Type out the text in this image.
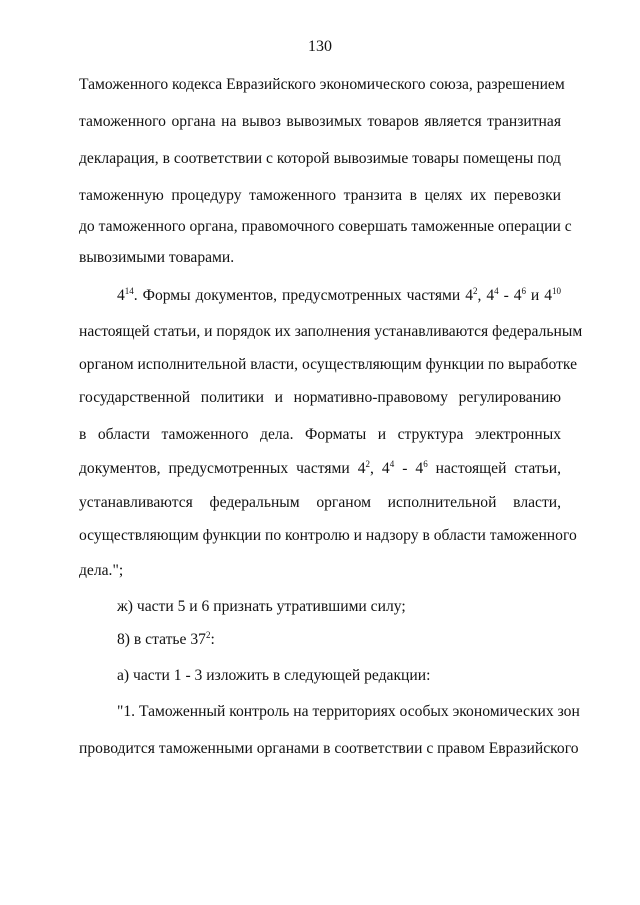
130
Таможенного кодекса Евразийского экономического союза, разрешением
таможенного органа на вывоз вывозимых товаров является транзитная
декларация, в соответствии с которой вывозимые товары помещены под
таможенную процедуру таможенного транзита в целях их перевозки
до таможенного органа, правомочного совершать таможенные операции с
вывозимыми товарами.
$4^{14}$. Формы документов, предусмотренных частями $4^2$, $4^4 - 4^6$ и $4^{10}$
настоящей статьи, и порядок их заполнения устанавливаются федеральным
органом исполнительной власти, осуществляющим функции по выработке
государственной политики и нормативно-правовому регулированию
в области таможенного дела. Форматы и структура электронных
документов, предусмотренных частями $4^2$, $4^4 - 4^6$ настоящей статьи,
устанавливаются федеральным органом исполнительной власти,
осуществляющим функции по контролю и надзору в области таможенного
дела.";
ж) части 5 и 6 признать утратившими силу;
8) в статье $37^2$:
а) части 1 - 3 изложить в следующей редакции:
"1. Таможенный контроль на территориях особых экономических зон
проводится таможенными органами в соответствии с правом Евразийского
